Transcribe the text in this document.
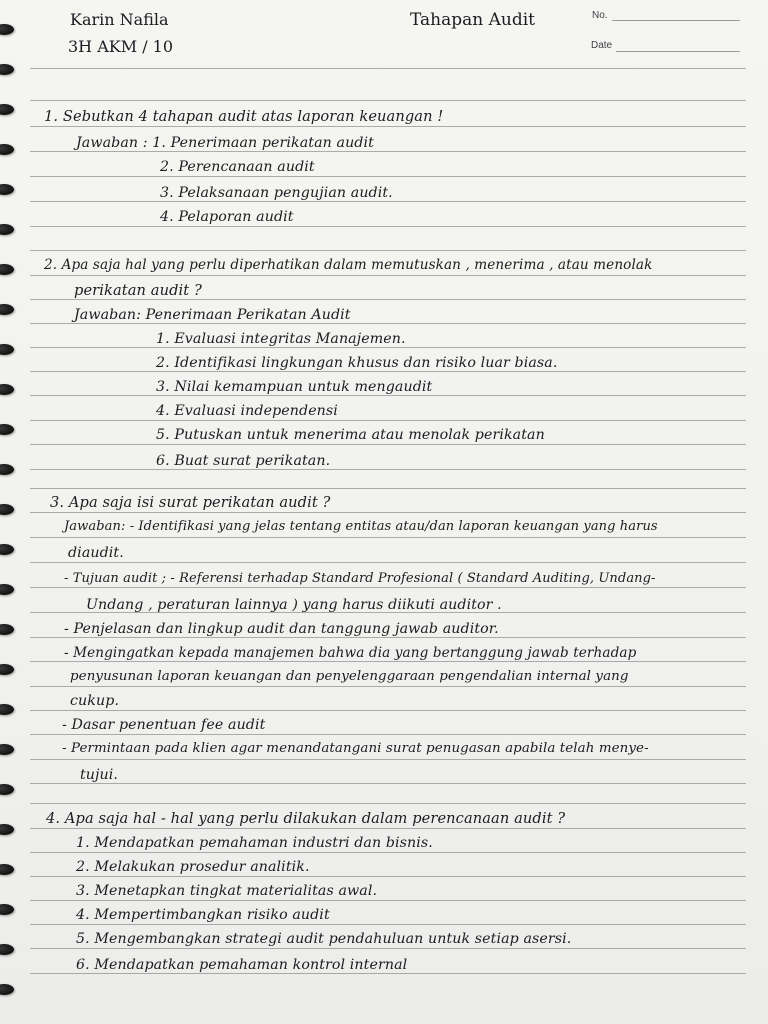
Karin Nafila
3H AKM / 10
Tahapan Audit	No.
Date
1. Sebutkan 4 tahapan audit atas laporan keuangan !
Jawaban : 1. Penerimaan perikatan audit
2. Perencanaan audit
3. Pelaksanaan pengujian audit.
4. Pelaporan audit
2. Apa saja hal yang perlu diperhatikan dalam memutuskan , menerima , atau menolak
perikatan audit ?
Jawaban: Penerimaan Perikatan Audit
1. Evaluasi integritas Manajemen.
2. Identifikasi lingkungan khusus dan risiko luar biasa.
3. Nilai kemampuan untuk mengaudit
4. Evaluasi independensi
5. Putuskan untuk menerima atau menolak perikatan
6. Buat surat perikatan.
3. Apa saja isi surat perikatan audit ?
Jawaban: - Identifikasi yang jelas tentang entitas atau/dan laporan keuangan yang harus
diaudit.
- Tujuan audit ; - Referensi terhadap Standard Profesional ( Standard Auditing, Undang-
Undang , peraturan lainnya ) yang harus diikuti auditor .
- Penjelasan dan lingkup audit dan tanggung jawab auditor.
- Mengingatkan kepada manajemen bahwa dia yang bertanggung jawab terhadap
penyusunan laporan keuangan dan penyelenggaraan pengendalian internal yang
cukup.
- Dasar penentuan fee audit
- Permintaan pada klien agar menandatangani surat penugasan apabila telah menye-
tujui.
4. Apa saja hal - hal yang perlu dilakukan dalam perencanaan audit ?
1. Mendapatkan pemahaman industri dan bisnis.
2. Melakukan prosedur analitik.
3. Menetapkan tingkat materialitas awal.
4. Mempertimbangkan risiko audit
5. Mengembangkan strategi audit pendahuluan untuk setiap asersi.
6. Mendapatkan pemahaman kontrol internal
